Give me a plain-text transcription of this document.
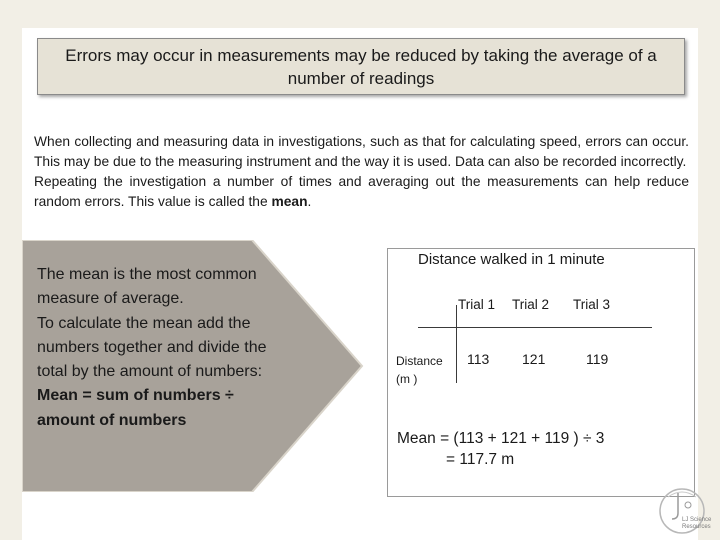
Errors may occur in measurements may be reduced by taking the average of a number of readings

When collecting and measuring data in investigations, such as that for calculating speed, errors can occur. This may be due to the measuring instrument and the way it is used. Data can also be recorded incorrectly.

Repeating the investigation a number of times and averaging out the measurements can help reduce random errors. This value is called the mean.

The mean is the most common measure of average.
To calculate the mean add the numbers together and divide the total by the amount of numbers:
Mean = sum of numbers ÷ amount of numbers
Distance walked in 1 minute
Trial 1 Trial 2 Trial 3
Distance
(m )
113 121	119
Mean = (113 + 121 + 119 ) ÷ 3
= 117.7 m
LJ Science Resources
